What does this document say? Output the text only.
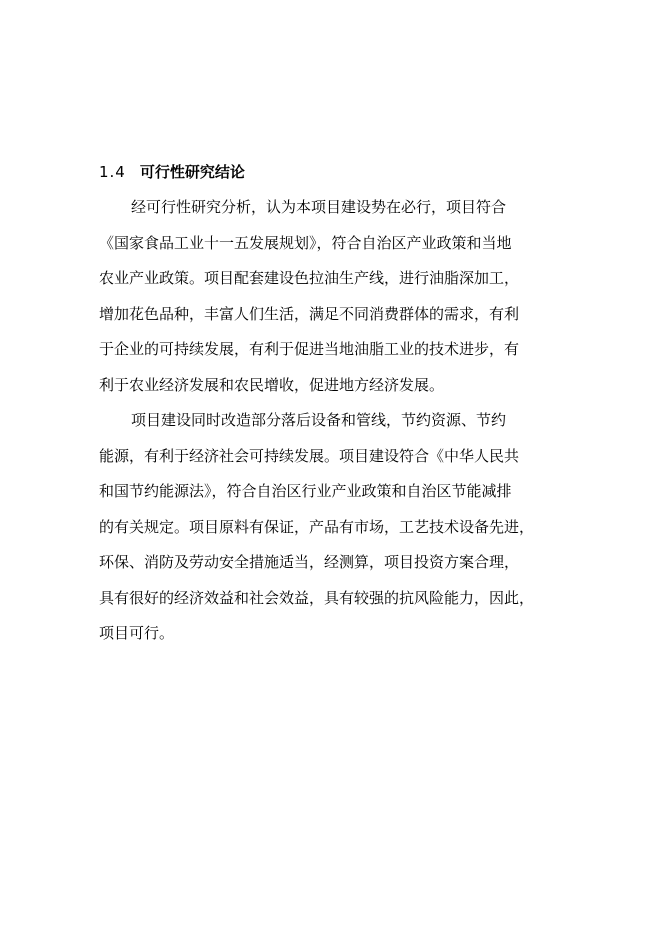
1.4 可行性研究结论
经可行性研究分析，认为本项目建设势在必行，项目符合
《国家食品工业十一五发展规划》，符合自治区产业政策和当地
农业产业政策。项目配套建设色拉油生产线，进行油脂深加工，
增加花色品种，丰富人们生活，满足不同消费群体的需求，有利
于企业的可持续发展，有利于促进当地油脂工业的技术进步，有
利于农业经济发展和农民增收，促进地方经济发展。
项目建设同时改造部分落后设备和管线，节约资源、节约
能源，有利于经济社会可持续发展。项目建设符合《中华人民共
和国节约能源法》，符合自治区行业产业政策和自治区节能减排
的有关规定。项目原料有保证，产品有市场，工艺技术设备先进，
环保、消防及劳动安全措施适当，经测算，项目投资方案合理，
具有很好的经济效益和社会效益，具有较强的抗风险能力，因此，
项目可行。
